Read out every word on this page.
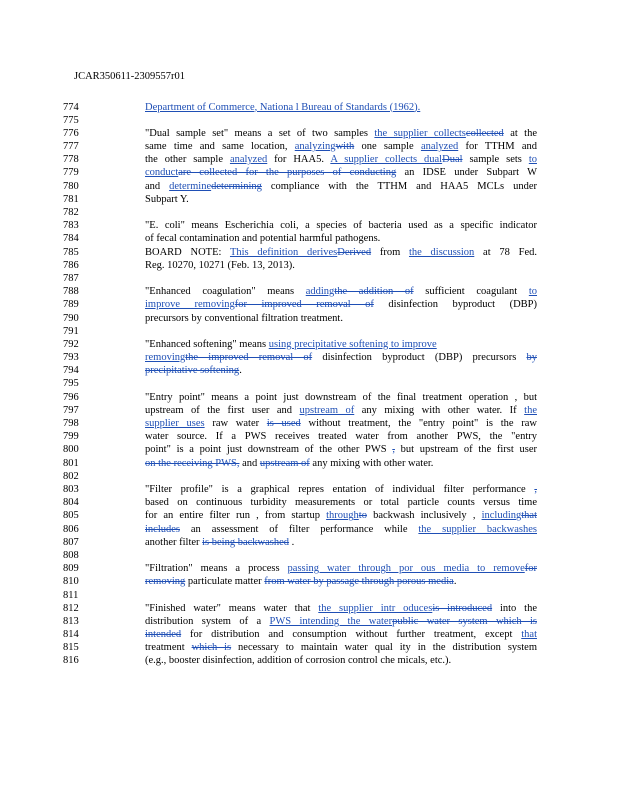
JCAR350611-2309557r01
774	Department of Commerce, Nationa l Bureau of Standards (1962).
775
776	"Dual sample set" means a set of two samples the supplier collectscollected at the
777	same time and same location, analyzingwith one sample analyzed for TTHM and
778	the other sample analyzed for HAA5. A supplier collects dualDual sample sets to
779	conductare collected for the purposes of conducting an IDSE under Subpart W
780	and determinedetermining compliance with the TTHM and HAA5 MCLs under
781	Subpart Y.
782
783	"E. coli" means Escherichia coli, a species of bacteria used as a specific indicator
784	of fecal contamination and potential harmful pathogens.
785	BOARD NOTE: This definition derivesDerived from the discussion at 78 Fed.
786	Reg. 10270, 10271 (Feb. 13, 2013).
787
788	"Enhanced coagulation" means addingthe addition of sufficient coagulant to
789	improve removingfor improved removal of disinfection byproduct (DBP)
790	precursors by conventional filtration treatment.
791
792	"Enhanced softening" means using precipitative softening to improve
793	removingthe improved removal of disinfection byproduct (DBP) precursors by
794	precipitative softening.
795
796	"Entry point" means a point just downstream of the final treatment operation , but
797	upstream of the first user and upstream of any mixing with other water. If the
798	supplier uses raw water is used without treatment, the "entry point" is the raw
799	water source. If a PWS receives treated water from another PWS, the "entry
800	point" is a point just downstream of the other PWS , but upstream of the first user
801	on the receiving PWS, and upstream of any mixing with other water.
802
803	"Filter profile" is a graphical repres entation of individual filter performance ,
804	based on continuous turbidity measurements or total particle counts versus time
805	for an entire filter run , from startup throughto backwash inclusively , includingthat
806	includes an assessment of filter performance while the supplier backwashes
807	another filter is being backwashed .
808
809	"Filtration" means a process passing water through por ous media to removefor
810	removing particulate matter from water by passage through porous media.
811
812	"Finished water" means water that the supplier intr oducesis introduced into the
813	distribution system of a PWS intending the waterpublic water system which is
814	intended for distribution and consumption without further treatment, except that
815	treatment which is necessary to maintain water qual ity in the distribution system
816	(e.g., booster disinfection, addition of corrosion control che micals, etc.).
